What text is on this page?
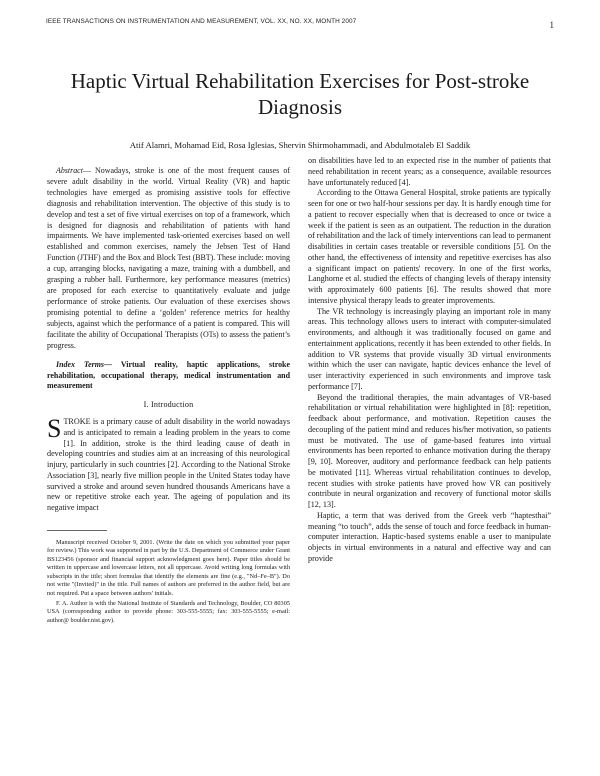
IEEE TRANSACTIONS ON INSTRUMENTATION AND MEASUREMENT, VOL. XX, NO. XX, MONTH 2007	1
Haptic Virtual Rehabilitation Exercises for Post-stroke Diagnosis
Atif Alamri, Mohamad Eid, Rosa Iglesias, Shervin Shirmohammadi, and Abdulmotaleb El Saddik

Abstract— Nowadays, stroke is one of the most frequent causes of severe adult disability in the world. Virtual Reality (VR) and haptic technologies have emerged as promising assistive tools for effective diagnosis and rehabilitation intervention. The objective of this study is to develop and test a set of five virtual exercises on top of a framework, which is designed for diagnosis and rehabilitation of patients with hand impairments. We have implemented task-oriented exercises based on well established and common exercises, namely the Jebsen Test of Hand Function (JTHF) and the Box and Block Test (BBT). These include: moving a cup, arranging blocks, navigating a maze, training with a dumbbell, and grasping a rubber ball. Furthermore, key performance measures (metrics) are proposed for each exercise to quantitatively evaluate and judge performance of stroke patients. Our evaluation of these exercises shows promising potential to define a ‘golden’ reference metrics for healthy subjects, against which the performance of a patient is compared. This will facilitate the ability of Occupational Therapists (OTs) to assess the patient’s progress.

Index Terms— Virtual reality, haptic applications, stroke rehabilitation, occupational therapy, medical instrumentation and measurement

I. Introduction

STROKE is a primary cause of adult disability in the world nowadays and is anticipated to remain a leading problem in the years to come [1]. In addition, stroke is the third leading cause of death in developing countries and studies aim at an increasing of this neurological injury, particularly in such countries [2]. According to the National Stroke Association [3], nearly five million people in the United States today have survived a stroke and around seven hundred thousands Americans have a new or repetitive stroke each year. The ageing of population and its negative impact

Manuscript received October 9, 2001. (Write the date on which you submitted your paper for review.) This work was supported in part by the U.S. Department of Commerce under Grant BS123456 (sponsor and financial support acknowledgment goes here). Paper titles should be written in uppercase and lowercase letters, not all uppercase. Avoid writing long formulas with subscripts in the title; short formulas that identify the elements are fine (e.g., "Nd–Fe–B"). Do not write "(Invited)" in the title. Full names of authors are preferred in the author field, but are not required. Put a space between authors' initials.

F. A. Author is with the National Institute of Standards and Technology, Boulder, CO 80305 USA (corresponding author to provide phone: 303-555-5555; fax: 303-555-5555; e-mail: author@ boulder.nist.gov).

on disabilities have led to an expected rise in the number of patients that need rehabilitation in recent years; as a consequence, available resources have unfortunately reduced [4].

According to the Ottawa General Hospital, stroke patients are typically seen for one or two half-hour sessions per day. It is hardly enough time for a patient to recover especially when that is decreased to once or twice a week if the patient is seen as an outpatient. The reduction in the duration of rehabilitation and the lack of timely interventions can lead to permanent disabilities in certain cases treatable or reversible conditions [5]. On the other hand, the effectiveness of intensity and repetitive exercises has also a significant impact on patients' recovery. In one of the first works, Langhorne et al. studied the effects of changing levels of therapy intensity with approximately 600 patients [6]. The results showed that more intensive physical therapy leads to greater improvements.

The VR technology is increasingly playing an important role in many areas. This technology allows users to interact with computer-simulated environments, and although it was traditionally focused on game and entertainment applications, recently it has been extended to other fields. In addition to VR systems that provide visually 3D virtual environments within which the user can navigate, haptic devices enhance the level of user interactivity experienced in such environments and improve task performance [7].

Beyond the traditional therapies, the main advantages of VR-based rehabilitation or virtual rehabilitation were highlighted in [8]: repetition, feedback about performance, and motivation. Repetition causes the decoupling of the patient mind and reduces his/her motivation, so patients must be motivated. The use of game-based features into virtual environments has been reported to enhance motivation during the therapy [9, 10]. Moreover, auditory and performance feedback can help patients be motivated [11]. Whereas virtual rehabilitation continues to develop, recent studies with stroke patients have proved how VR can positively contribute in neural organization and recovery of functional motor skills [12, 13].

Haptic, a term that was derived from the Greek verb “haptesthai” meaning “to touch”, adds the sense of touch and force feedback in human-computer interaction. Haptic-based systems enable a user to manipulate objects in virtual environments in a natural and effective way and can provide
